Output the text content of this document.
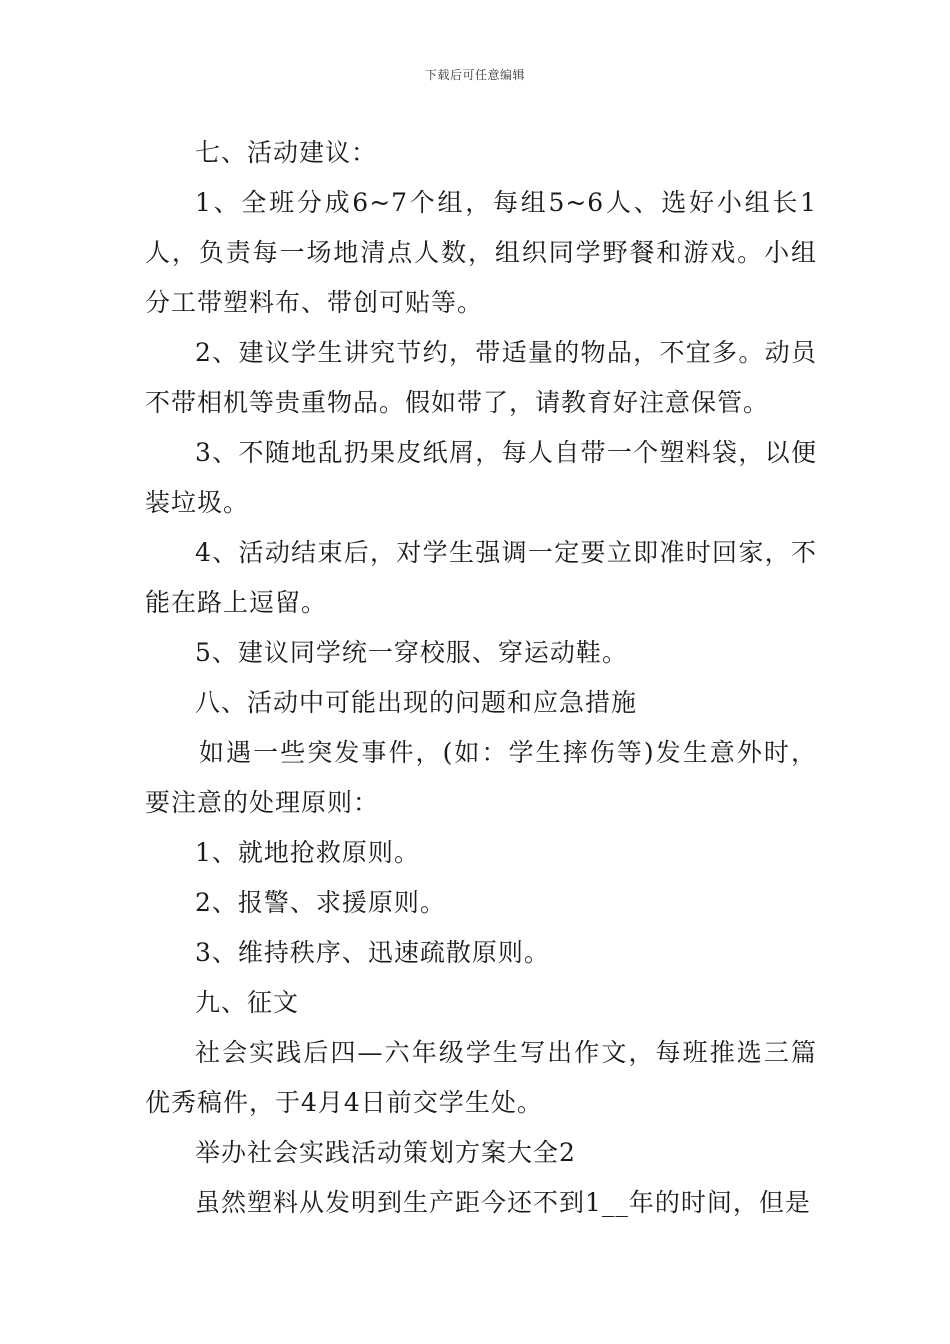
下载后可任意编辑

七、活动建议：

1、全班分成6~7个组，每组5~6人、选好小组长1人，负责每一场地清点人数，组织同学野餐和游戏。小组分工带塑料布、带创可贴等。

2、建议学生讲究节约，带适量的物品，不宜多。动员不带相机等贵重物品。假如带了，请教育好注意保管。

3、不随地乱扔果皮纸屑，每人自带一个塑料袋，以便装垃圾。

4、活动结束后，对学生强调一定要立即准时回家，不能在路上逗留。

5、建议同学统一穿校服、穿运动鞋。

八、活动中可能出现的问题和应急措施

如遇一些突发事件，(如：学生摔伤等)发生意外时，要注意的处理原则：

1、就地抢救原则。

2、报警、求援原则。

3、维持秩序、迅速疏散原则。

九、征文

社会实践后四—六年级学生写出作文，每班推选三篇优秀稿件，于4月4日前交学生处。

举办社会实践活动策划方案大全2

虽然塑料从发明到生产距今还不到1__年的时间，但是
